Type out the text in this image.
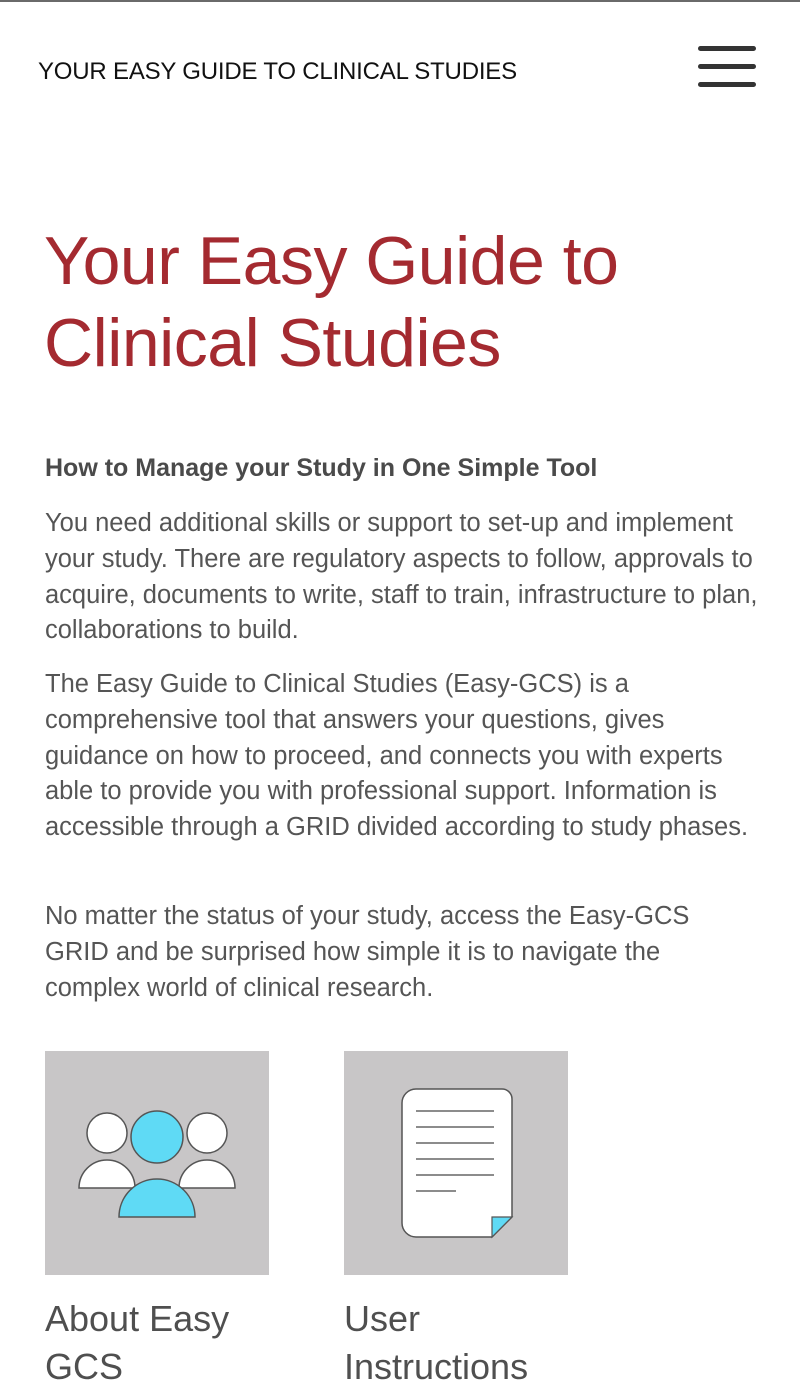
YOUR EASY GUIDE TO CLINICAL STUDIES
Your Easy Guide to
Clinical Studies
How to Manage your Study in One Simple Tool

You need additional skills or support to set-up and implement your study. There are regulatory aspects to follow, approvals to acquire, documents to write, staff to train, infrastructure to plan, collaborations to build.

The Easy Guide to Clinical Studies (Easy-GCS) is a comprehensive tool that answers your questions, gives guidance on how to proceed, and connects you with experts able to provide you with professional support. Information is accessible through a GRID divided according to study phases.

No matter the status of your study, access the Easy-GCS GRID and be surprised how simple it is to navigate the complex world of clinical research.

About Easy GCS
User Instructions
